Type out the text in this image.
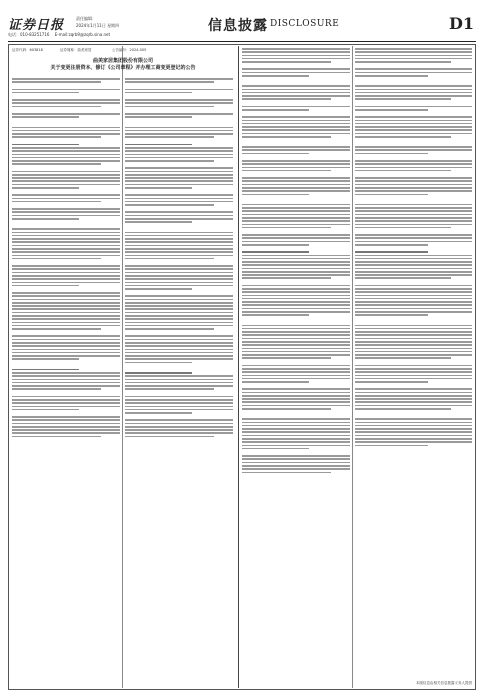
证券日报	责任编辑：
2024年1月11日 星期四
电话：010-83251716 E-mail:zqrb9@zqrb.sina.net
信息披露 DISCLOSURE	D1
证券代码：603818	证券简称：曲美家居	公告编号：2024-005
曲美家居集团股份有限公司
关于变更注册资本、修订《公司章程》并办理工商变更登记的公告
本版信息由相关信息披露义务人提供
